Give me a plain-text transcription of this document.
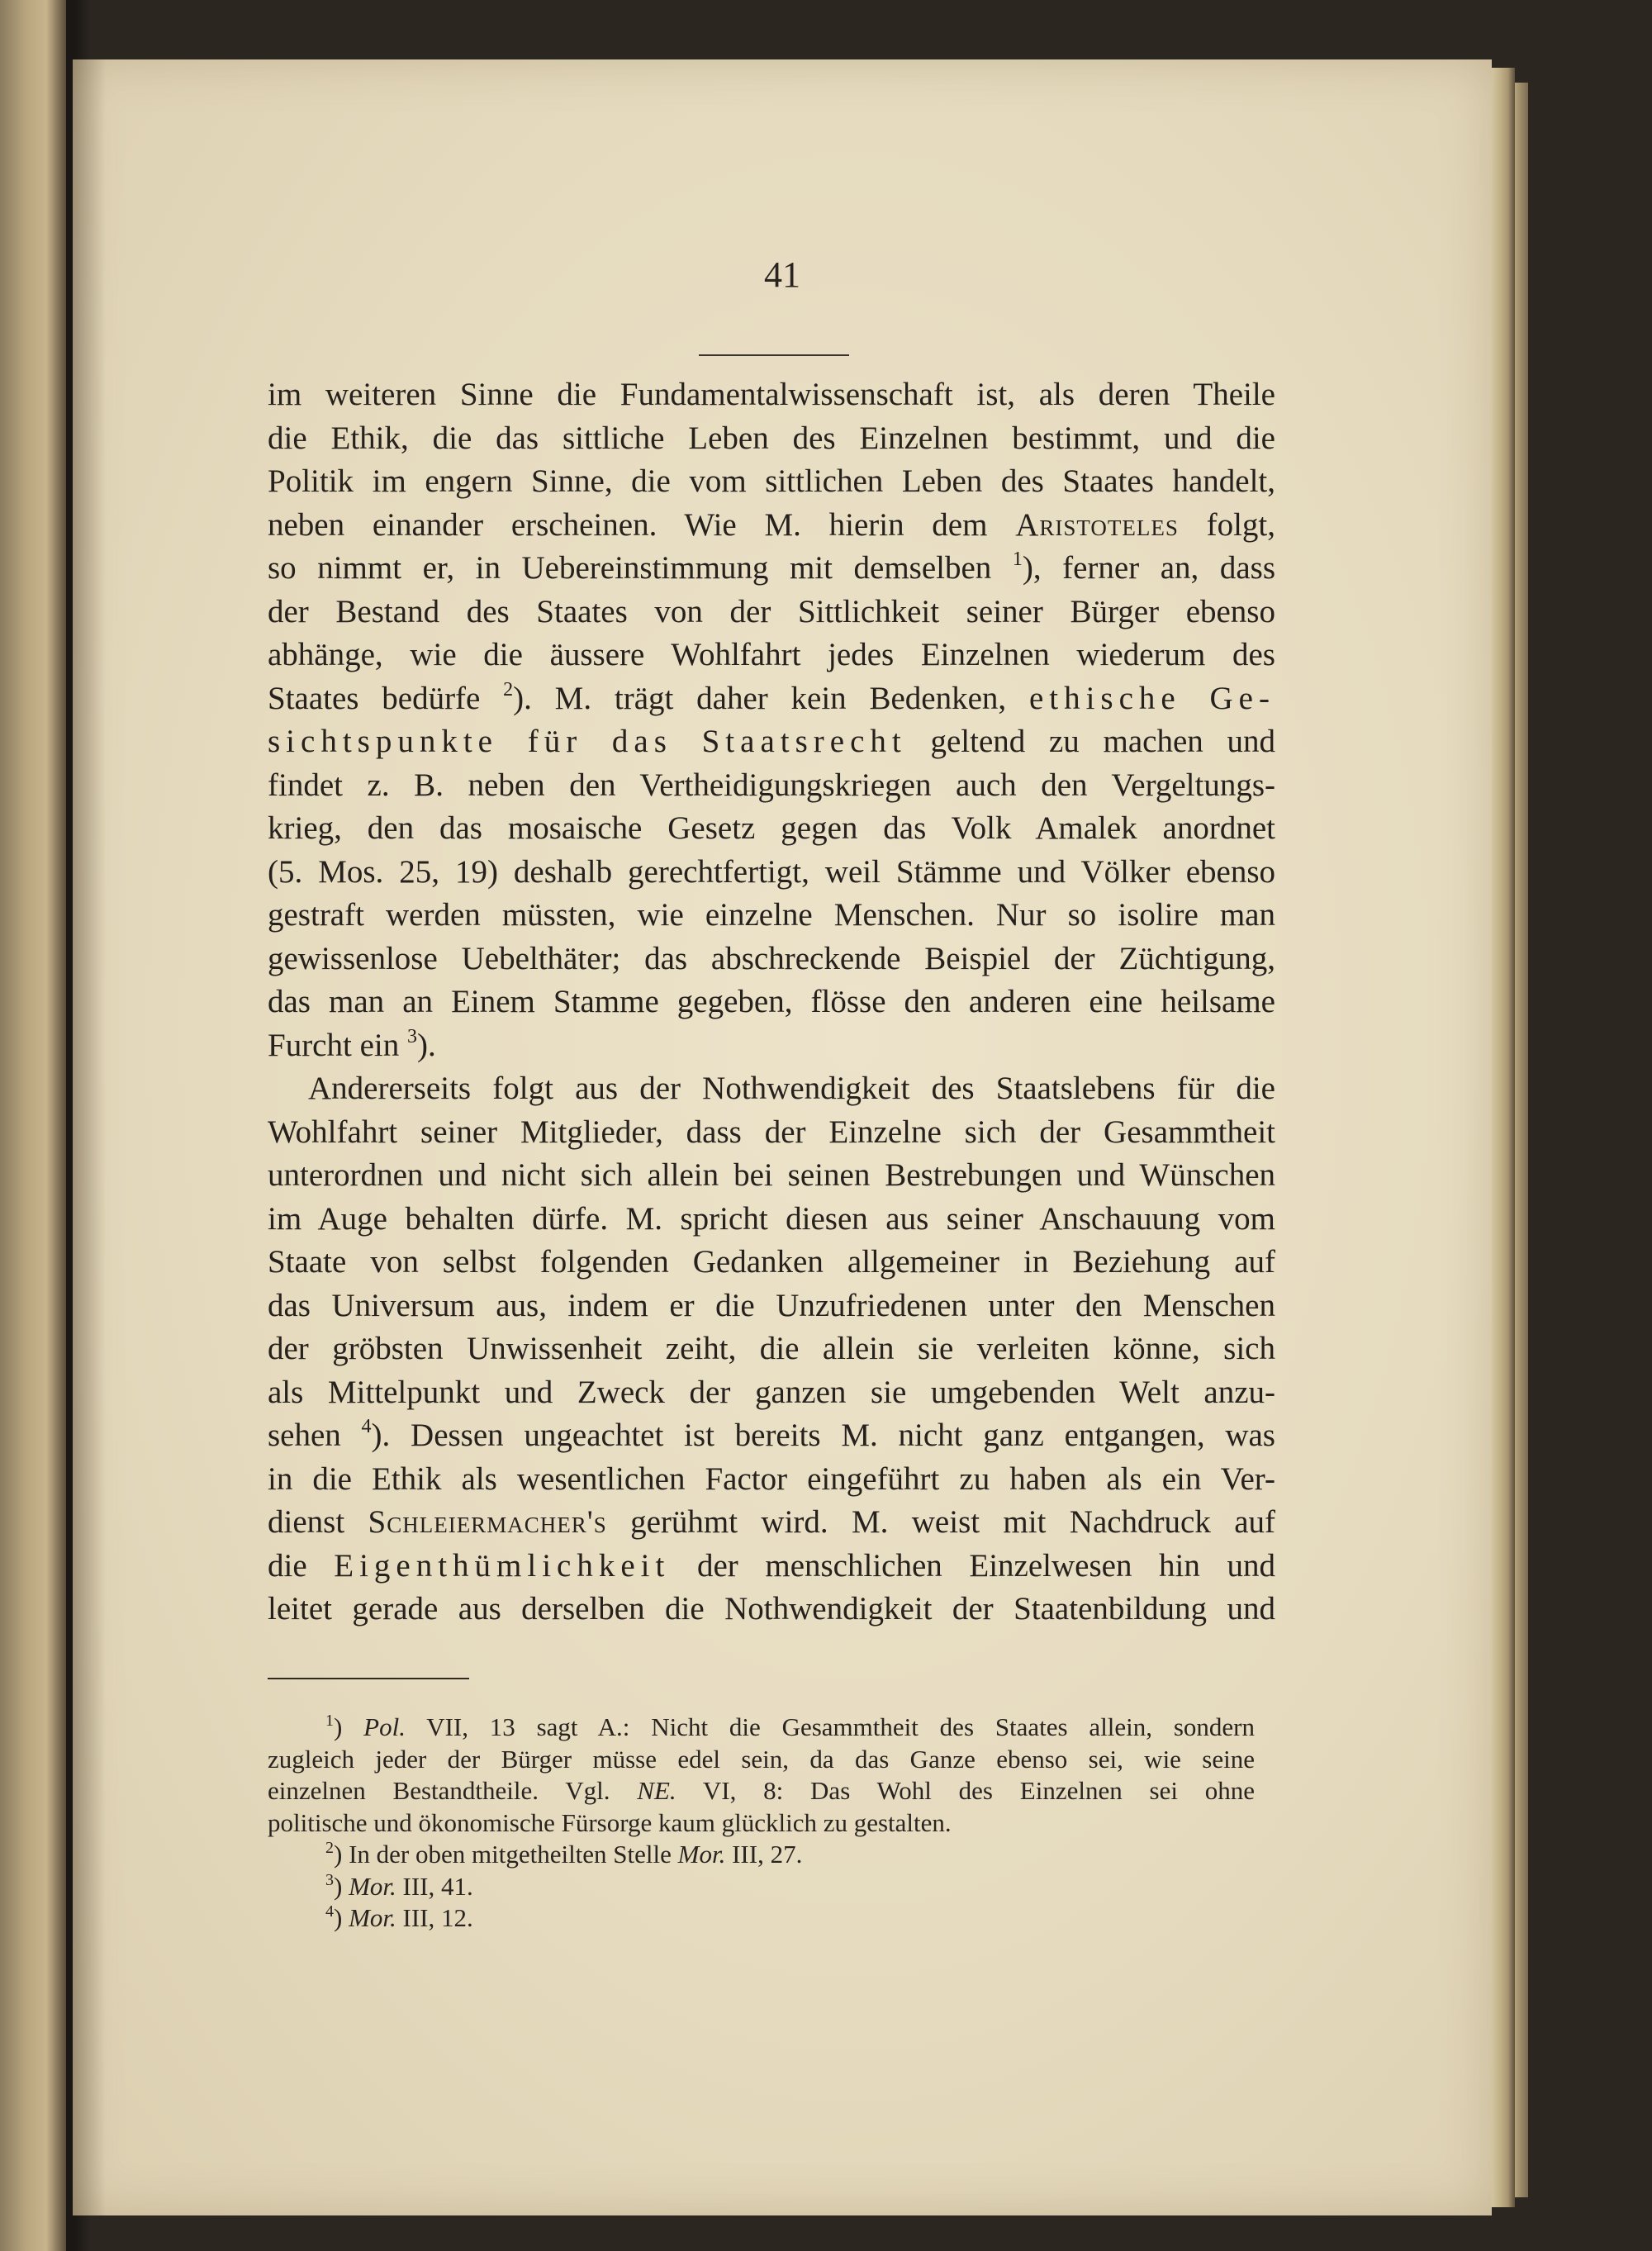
41
im weiteren Sinne die Fundamentalwissenschaft ist, als deren Theile
die Ethik, die das sittliche Leben des Einzelnen bestimmt, und die
Politik im engern Sinne, die vom sittlichen Leben des Staates handelt,
neben einander erscheinen. Wie M. hierin dem Aristoteles folgt,
so nimmt er, in Uebereinstimmung mit demselben $^1$), ferner an, dass
der Bestand des Staates von der Sittlichkeit seiner Bürger ebenso
abhänge, wie die äussere Wohlfahrt jedes Einzelnen wiederum des
Staates bedürfe $^2$). M. trägt daher kein Bedenken, ethische Ge-
sichtspunkte für das Staatsrecht geltend zu machen und
findet z. B. neben den Vertheidigungskriegen auch den Vergeltungs-
krieg, den das mosaische Gesetz gegen das Volk Amalek anordnet
(5. Mos. 25, 19) deshalb gerechtfertigt, weil Stämme und Völker ebenso
gestraft werden müssten, wie einzelne Menschen. Nur so isolire man
gewissenlose Uebelthäter; das abschreckende Beispiel der Züchtigung,
das man an Einem Stamme gegeben, flösse den anderen eine heilsame
Furcht ein $^3$).
Andererseits folgt aus der Nothwendigkeit des Staatslebens für die
Wohlfahrt seiner Mitglieder, dass der Einzelne sich der Gesammtheit
unterordnen und nicht sich allein bei seinen Bestrebungen und Wünschen
im Auge behalten dürfe. M. spricht diesen aus seiner Anschauung vom
Staate von selbst folgenden Gedanken allgemeiner in Beziehung auf
das Universum aus, indem er die Unzufriedenen unter den Menschen
der gröbsten Unwissenheit zeiht, die allein sie verleiten könne, sich
als Mittelpunkt und Zweck der ganzen sie umgebenden Welt anzu-
sehen $^4$). Dessen ungeachtet ist bereits M. nicht ganz entgangen, was
in die Ethik als wesentlichen Factor eingeführt zu haben als ein Ver-
dienst Schleiermacher's gerühmt wird. M. weist mit Nachdruck auf
die Eigenthümlichkeit der menschlichen Einzelwesen hin und
leitet gerade aus derselben die Nothwendigkeit der Staatenbildung und
$^1$) Pol. VII, 13 sagt A.: Nicht die Gesammtheit des Staates allein, sondern
zugleich jeder der Bürger müsse edel sein, da das Ganze ebenso sei, wie seine
einzelnen Bestandtheile. Vgl. NE. VI, 8: Das Wohl des Einzelnen sei ohne
politische und ökonomische Fürsorge kaum glücklich zu gestalten.
$^2$) In der oben mitgetheilten Stelle Mor. III, 27.
$^3$) Mor. III, 41.
$^4$) Mor. III, 12.
